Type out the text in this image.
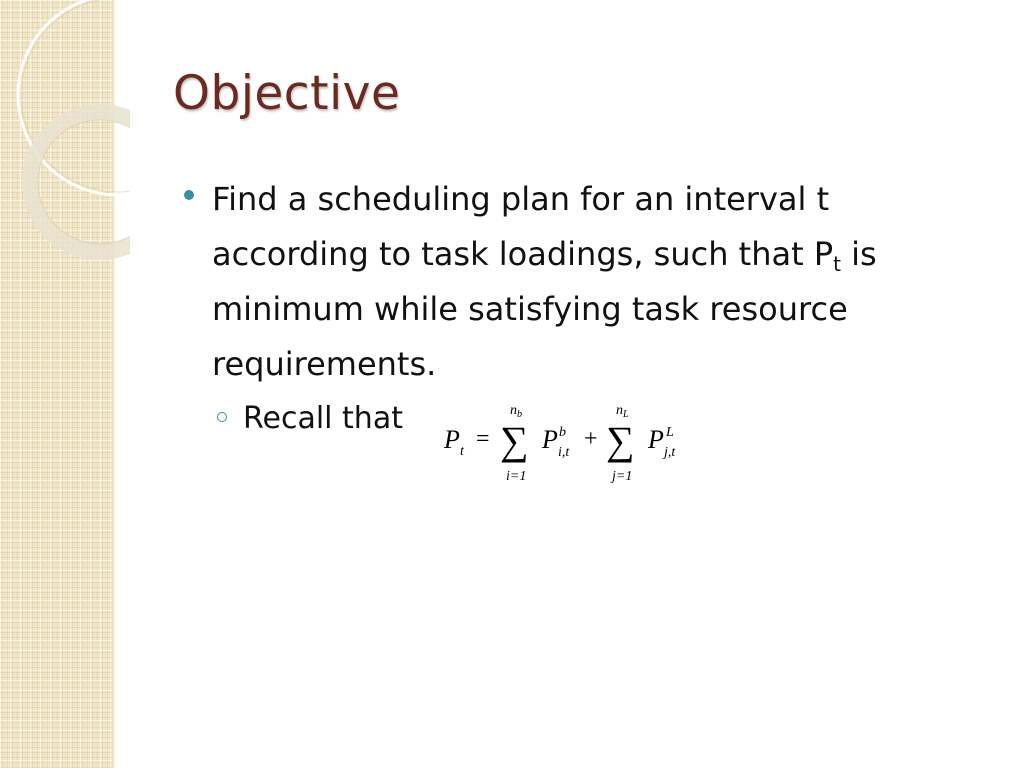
Objective
Find a scheduling plan for an interval t according to task loadings, such that $P_t$ is minimum while satisfying task resource requirements.
Recall that
P t =
$n_b$
∑
i=1
P b
i,t
+
$n_L$
∑
j=1
P L
j,t
